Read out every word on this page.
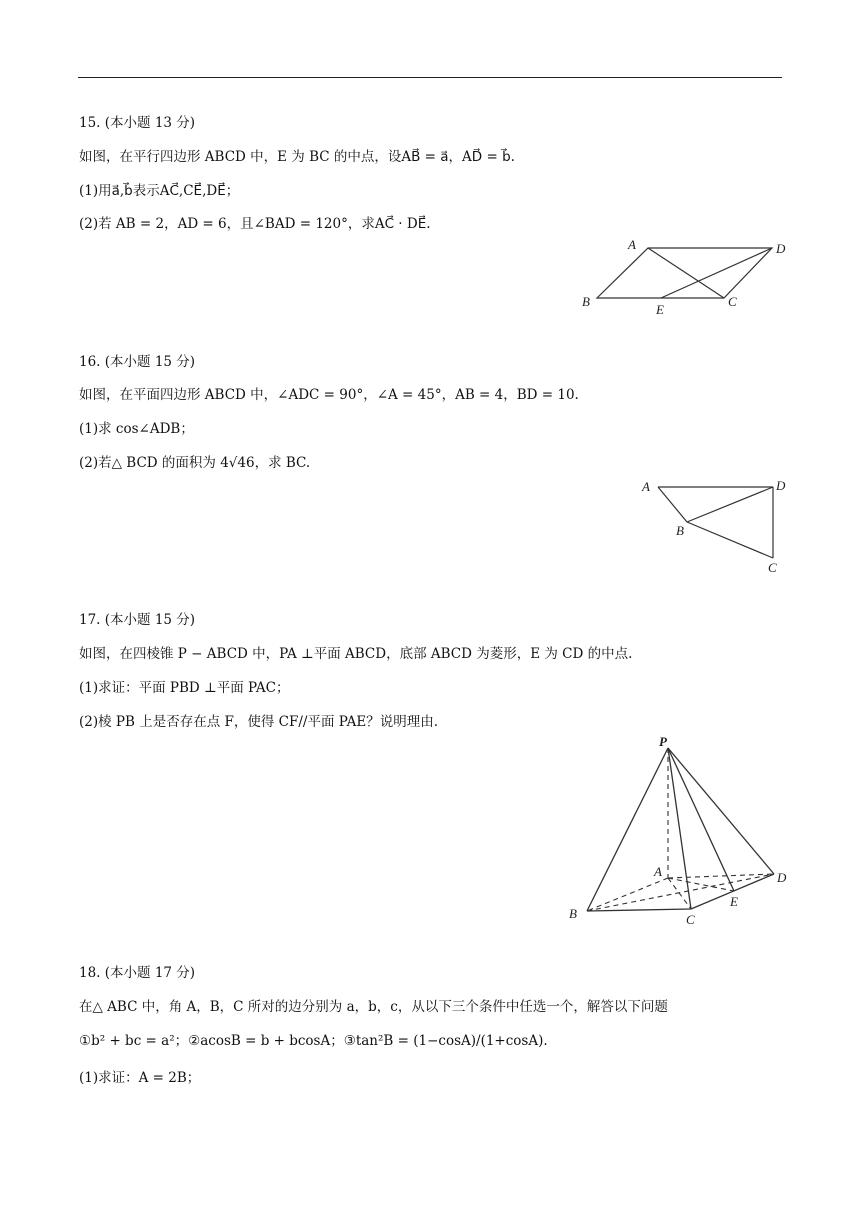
15. (本小题 13 分)
如图，在平行四边形 ABCD 中，E 为 BC 的中点，设AB⃗ = a⃗，AD⃗ = b⃗.
(1)用a⃗,b⃗表示AC⃗,CE⃗,DE⃗；
(2)若 AB = 2，AD = 6，且∠BAD = 120°，求AC⃗ · DE⃗.
A	D
B	C
E
16. (本小题 15 分)
如图，在平面四边形 ABCD 中，∠ADC = 90°，∠A = 45°，AB = 4，BD = 10.
(1)求 cos∠ADB；
(2)若△ BCD 的面积为 4√46，求 BC.
A	D
B
C
17. (本小题 15 分)
如图，在四棱锥 P − ABCD 中，PA ⊥平面 ABCD，底部 ABCD 为菱形，E 为 CD 的中点.
(1)求证：平面 PBD ⊥平面 PAC；
(2)棱 PB 上是否存在点 F，使得 CF//平面 PAE？说明理由.
P
A
B	C
D
E
18. (本小题 17 分)
在△ ABC 中，角 A，B，C 所对的边分别为 a，b，c，从以下三个条件中任选一个，解答以下问题
①b² + bc = a²；②acosB = b + bcosA；③tan²B = (1−cosA)/(1+cosA).
(1)求证：A = 2B；
